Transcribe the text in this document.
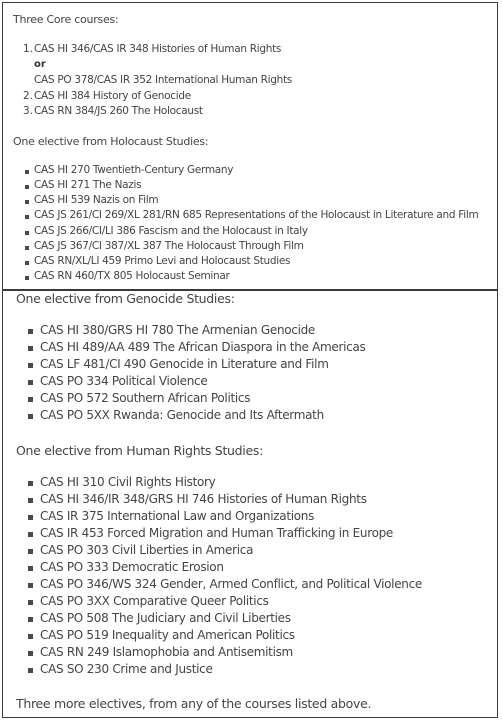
Three Core courses:
1. CAS HI 346/CAS IR 348 Histories of Human Rights
or
CAS PO 378/CAS IR 352 International Human Rights
2. CAS HI 384 History of Genocide
3. CAS RN 384/JS 260 The Holocaust
One elective from Holocaust Studies:
CAS HI 270 Twentieth-Century Germany
CAS HI 271 The Nazis
CAS HI 539 Nazis on Film
CAS JS 261/CI 269/XL 281/RN 685 Representations of the Holocaust in Literature and Film
CAS JS 266/CI/LI 386 Fascism and the Holocaust in Italy
CAS JS 367/CI 387/XL 387 The Holocaust Through Film
CAS RN/XL/LI 459 Primo Levi and Holocaust Studies
CAS RN 460/TX 805 Holocaust Seminar
One elective from Genocide Studies:
CAS HI 380/GRS HI 780 The Armenian Genocide
CAS HI 489/AA 489 The African Diaspora in the Americas
CAS LF 481/CI 490 Genocide in Literature and Film
CAS PO 334 Political Violence
CAS PO 572 Southern African Politics
CAS PO 5XX Rwanda: Genocide and Its Aftermath
One elective from Human Rights Studies:
CAS HI 310 Civil Rights History
CAS HI 346/IR 348/GRS HI 746 Histories of Human Rights
CAS IR 375 International Law and Organizations
CAS IR 453 Forced Migration and Human Trafficking in Europe
CAS PO 303 Civil Liberties in America
CAS PO 333 Democratic Erosion
CAS PO 346/WS 324 Gender, Armed Conflict, and Political Violence
CAS PO 3XX Comparative Queer Politics
CAS PO 508 The Judiciary and Civil Liberties
CAS PO 519 Inequality and American Politics
CAS RN 249 Islamophobia and Antisemitism
CAS SO 230 Crime and Justice
Three more electives, from any of the courses listed above.
